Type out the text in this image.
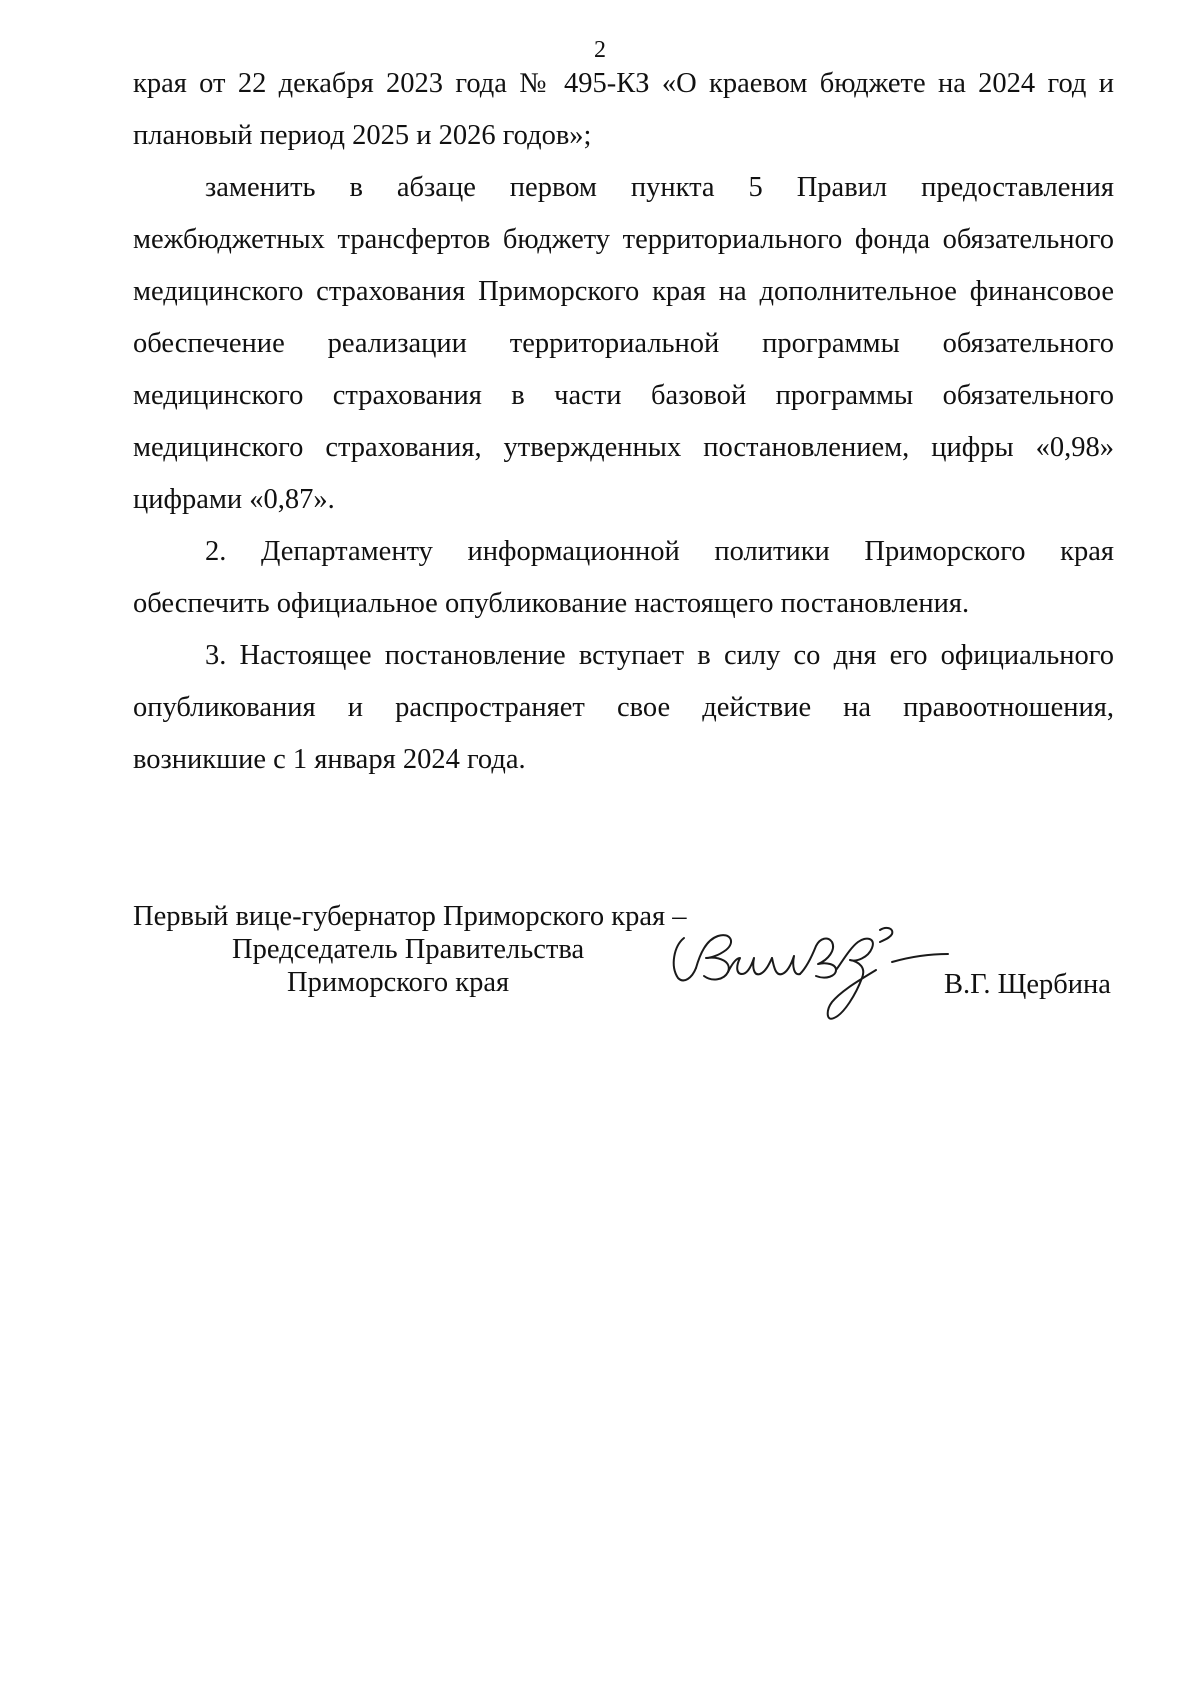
2

края от 22 декабря 2023 года № 495-КЗ «О краевом бюджете на 2024 год и
плановый период 2025 и 2026 годов»;

заменить в абзаце первом пункта 5 Правил предоставления
межбюджетных трансфертов бюджету территориального фонда обязательного
медицинского страхования Приморского края на дополнительное финансовое
обеспечение реализации территориальной программы обязательного
медицинского страхования в части базовой программы обязательного
медицинского страхования, утвержденных постановлением, цифры «0,98»
цифрами «0,87».

2. Департаменту информационной политики Приморского края
обеспечить официальное опубликование настоящего постановления.

3. Настоящее постановление вступает в силу со дня его официального
опубликования и распространяет свое действие на правоотношения,
возникшие с 1 января 2024 года.

Первый вице-губернатор Приморского края –
Председатель Правительства
Приморского края	В.Г. Щербина
